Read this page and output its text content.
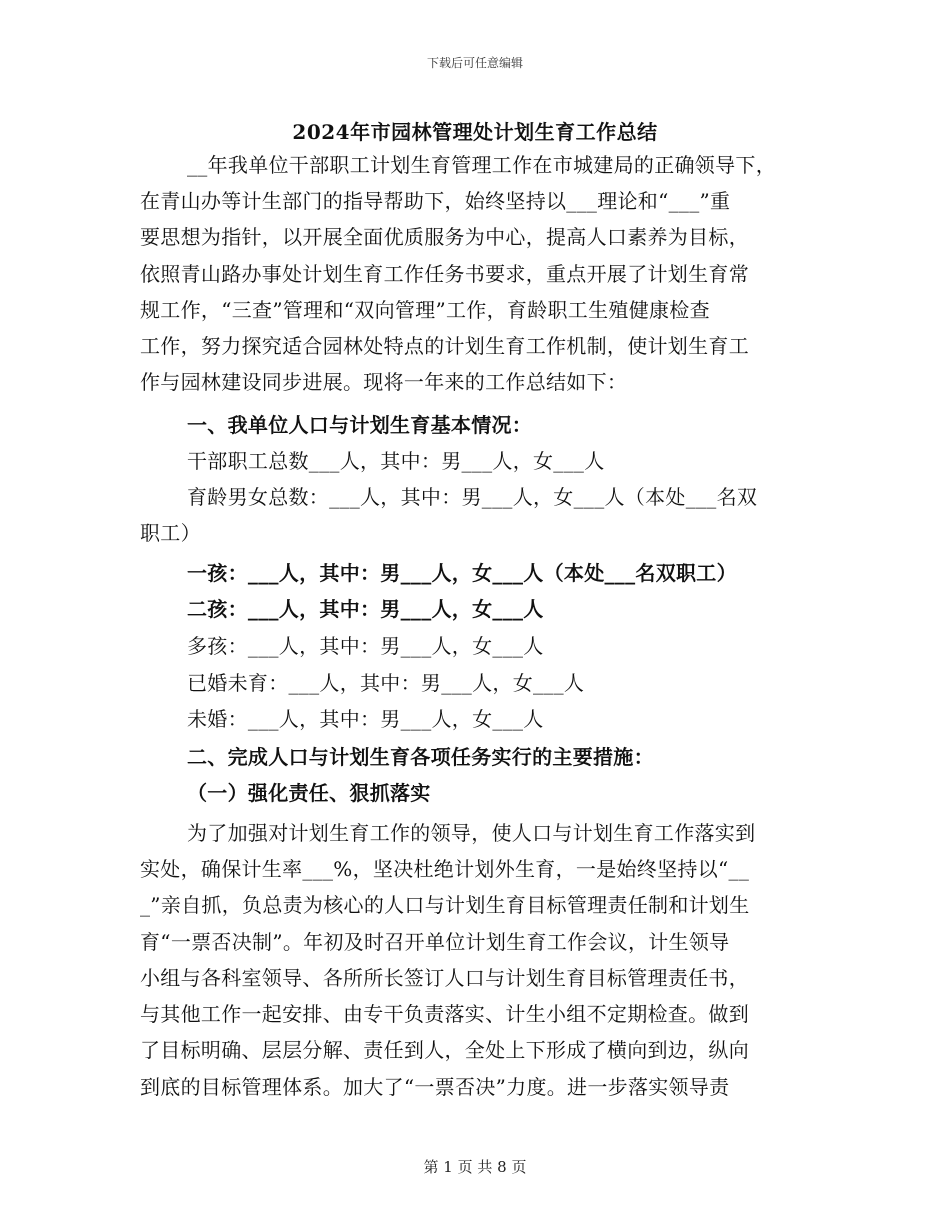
下载后可任意编辑
2024年市园林管理处计划生育工作总结
__年我单位干部职工计划生育管理工作在市城建局的正确领导下，
在青山办等计生部门的指导帮助下，始终坚持以___理论和“___”重
要思想为指针，以开展全面优质服务为中心，提高人口素养为目标，
依照青山路办事处计划生育工作任务书要求，重点开展了计划生育常
规工作，“三查”管理和“双向管理”工作，育龄职工生殖健康检查
工作，努力探究适合园林处特点的计划生育工作机制，使计划生育工
作与园林建设同步进展。现将一年来的工作总结如下：
一、我单位人口与计划生育基本情况：
干部职工总数___人，其中：男___人，女___人
育龄男女总数：___人，其中：男___人，女___人（本处___名双
职工）
一孩：___人，其中：男___人，女___人（本处___名双职工）
二孩：___人，其中：男___人，女___人
多孩：___人，其中：男___人，女___人
已婚未育：___人，其中：男___人，女___人
未婚：___人，其中：男___人，女___人
二、完成人口与计划生育各项任务实行的主要措施：
（一）强化责任、狠抓落实
为了加强对计划生育工作的领导，使人口与计划生育工作落实到
实处，确保计生率___%，坚决杜绝计划外生育，一是始终坚持以“__
_”亲自抓，负总责为核心的人口与计划生育目标管理责任制和计划生
育“一票否决制”。年初及时召开单位计划生育工作会议，计生领导
小组与各科室领导、各所所长签订人口与计划生育目标管理责任书，
与其他工作一起安排、由专干负责落实、计生小组不定期检查。做到
了目标明确、层层分解、责任到人，全处上下形成了横向到边，纵向
到底的目标管理体系。加大了“一票否决”力度。进一步落实领导责
第 1 页 共 8 页
